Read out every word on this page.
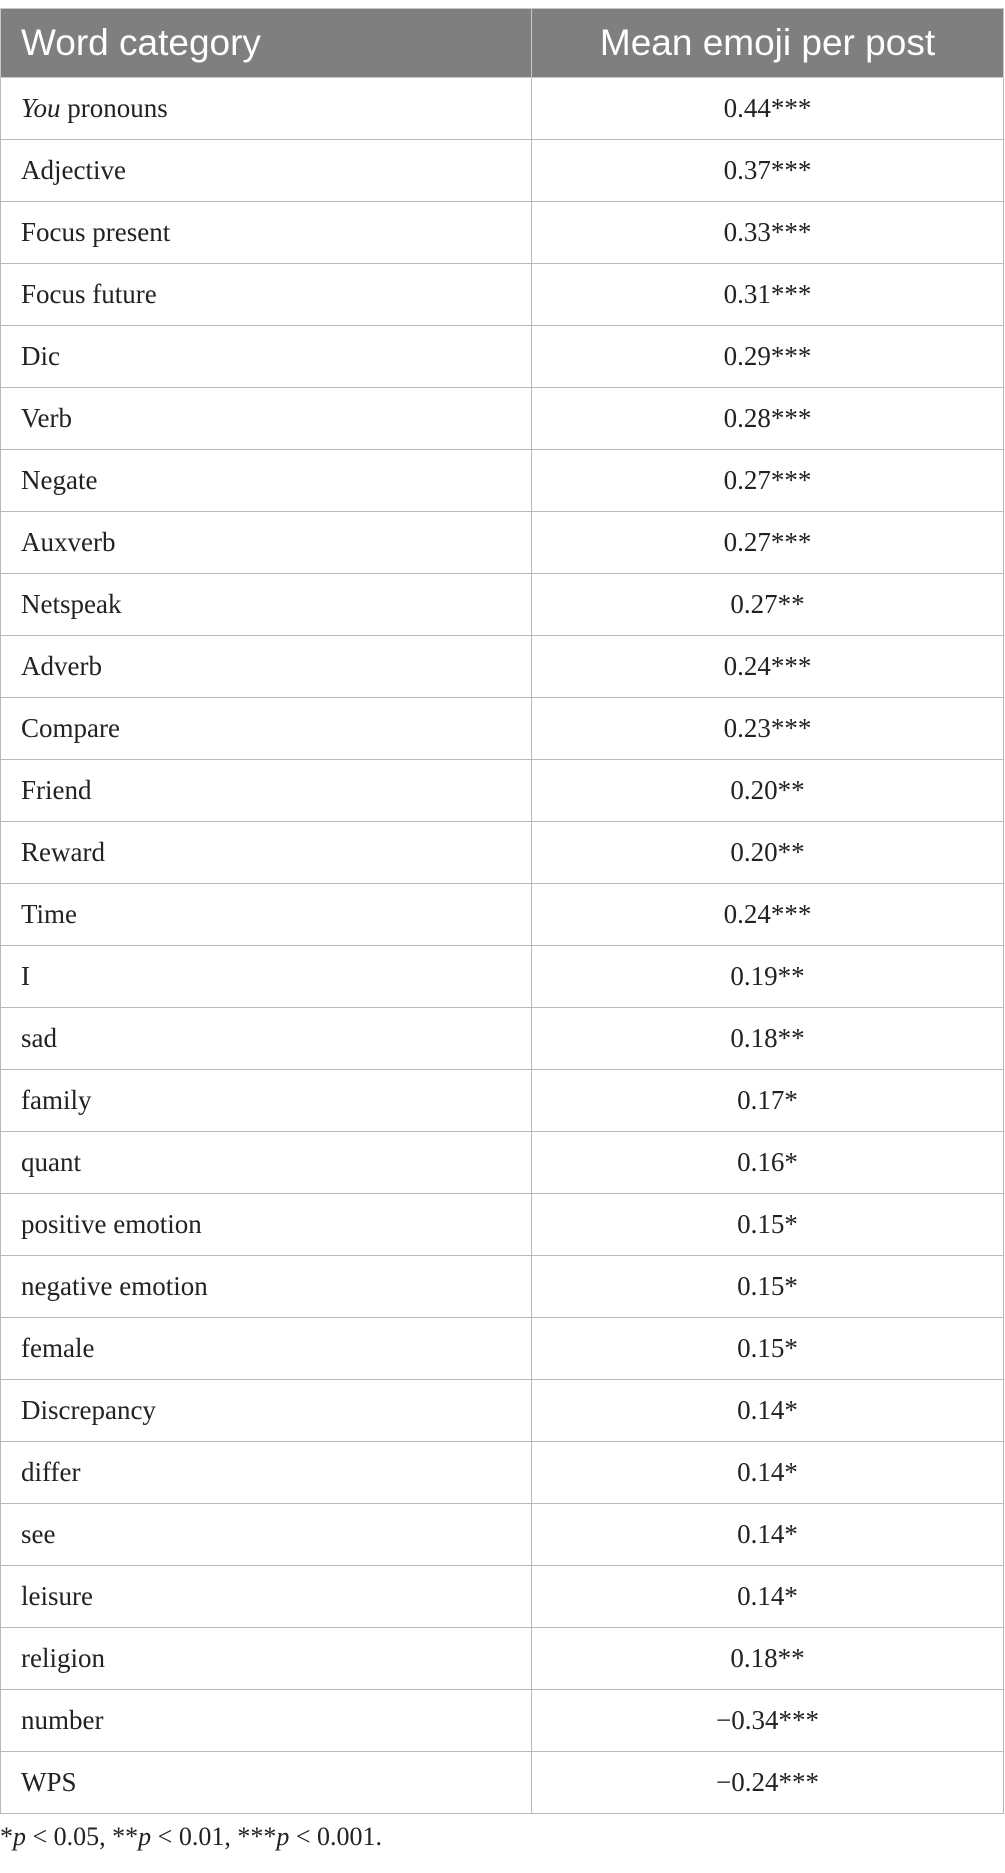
Word category	Mean emoji per post
You pronouns	0.44***
Adjective	0.37***
Focus present	0.33***
Focus future	0.31***
Dic	0.29***
Verb	0.28***
Negate	0.27***
Auxverb	0.27***
Netspeak	0.27**
Adverb	0.24***
Compare	0.23***
Friend	0.20**
Reward	0.20**
Time	0.24***
I	0.19**
sad	0.18**
family	0.17*
quant	0.16*
positive emotion	0.15*
negative emotion	0.15*
female	0.15*
Discrepancy	0.14*
differ	0.14*
see	0.14*
leisure	0.14*
religion	0.18**
number	−0.34***
WPS	−0.24***
*p < 0.05, **p < 0.01, ***p < 0.001.
